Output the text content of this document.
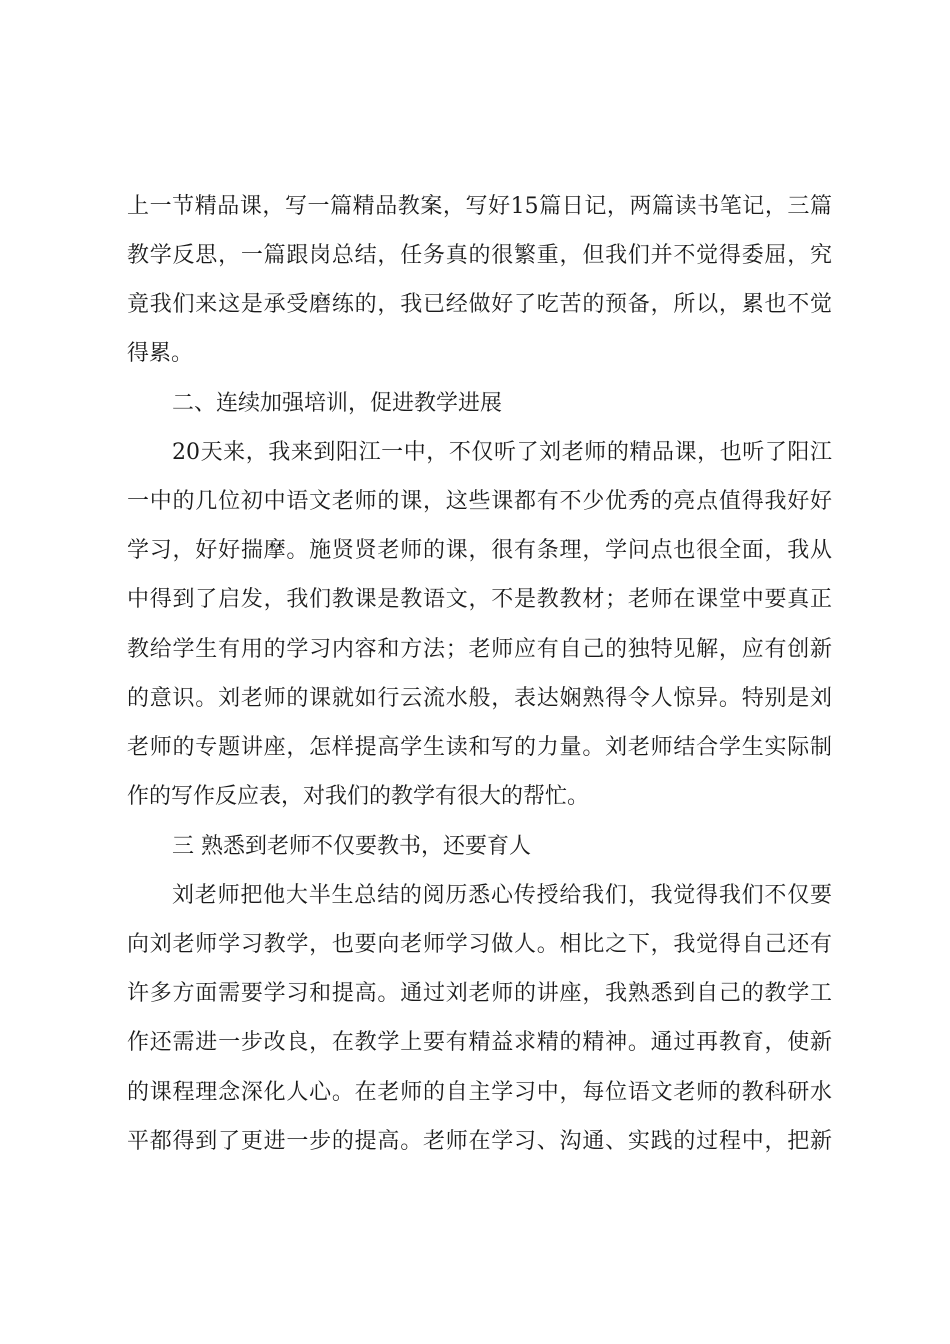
上一节精品课，写一篇精品教案，写好15篇日记，两篇读书笔记，三篇
教学反思，一篇跟岗总结，任务真的很繁重，但我们并不觉得委屈，究
竟我们来这是承受磨练的，我已经做好了吃苦的预备，所以，累也不觉
得累。
二、连续加强培训，促进教学进展
20天来，我来到阳江一中，不仅听了刘老师的精品课，也听了阳江
一中的几位初中语文老师的课，这些课都有不少优秀的亮点值得我好好
学习，好好揣摩。施贤贤老师的课，很有条理，学问点也很全面，我从
中得到了启发，我们教课是教语文，不是教教材；老师在课堂中要真正
教给学生有用的学习内容和方法；老师应有自己的独特见解，应有创新
的意识。刘老师的课就如行云流水般，表达娴熟得令人惊异。特别是刘
老师的专题讲座，怎样提高学生读和写的力量。刘老师结合学生实际制
作的写作反应表，对我们的教学有很大的帮忙。
三 熟悉到老师不仅要教书，还要育人
刘老师把他大半生总结的阅历悉心传授给我们，我觉得我们不仅要
向刘老师学习教学，也要向老师学习做人。相比之下，我觉得自己还有
许多方面需要学习和提高。通过刘老师的讲座，我熟悉到自己的教学工
作还需进一步改良，在教学上要有精益求精的精神。通过再教育，使新
的课程理念深化人心。在老师的自主学习中，每位语文老师的教科研水
平都得到了更进一步的提高。老师在学习、沟通、实践的过程中，把新
